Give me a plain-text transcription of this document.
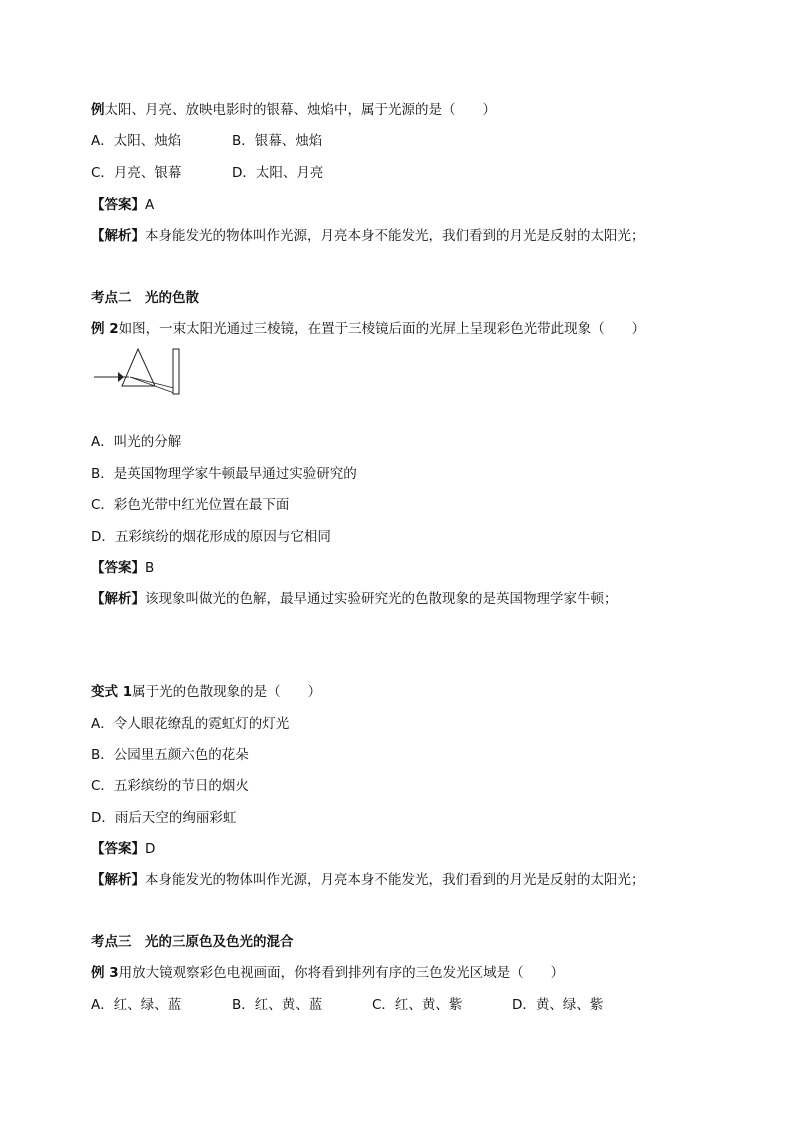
例太阳、月亮、放映电影时的银幕、烛焰中，属于光源的是（　　）
A．太阳、烛焰	B．银幕、烛焰
C．月亮、银幕	D．太阳、月亮
【答案】A
【解析】本身能发光的物体叫作光源，月亮本身不能发光，我们看到的月光是反射的太阳光；
考点二　光的色散
例 2如图，一束太阳光通过三棱镜，在置于三棱镜后面的光屏上呈现彩色光带此现象（　　）
A．叫光的分解
B．是英国物理学家牛顿最早通过实验研究的
C．彩色光带中红光位置在最下面
D．五彩缤纷的烟花形成的原因与它相同
【答案】B
【解析】该现象叫做光的色解，最早通过实验研究光的色散现象的是英国物理学家牛顿；
变式 1属于光的色散现象的是（　　）
A．令人眼花缭乱的霓虹灯的灯光
B．公园里五颜六色的花朵
C．五彩缤纷的节日的烟火
D．雨后天空的绚丽彩虹
【答案】D
【解析】本身能发光的物体叫作光源，月亮本身不能发光，我们看到的月光是反射的太阳光；
考点三　光的三原色及色光的混合
例 3用放大镜观察彩色电视画面，你将看到排列有序的三色发光区域是（　　）
A．红、绿、蓝	B．红、黄、蓝	C．红、黄、紫	D．黄、绿、紫
